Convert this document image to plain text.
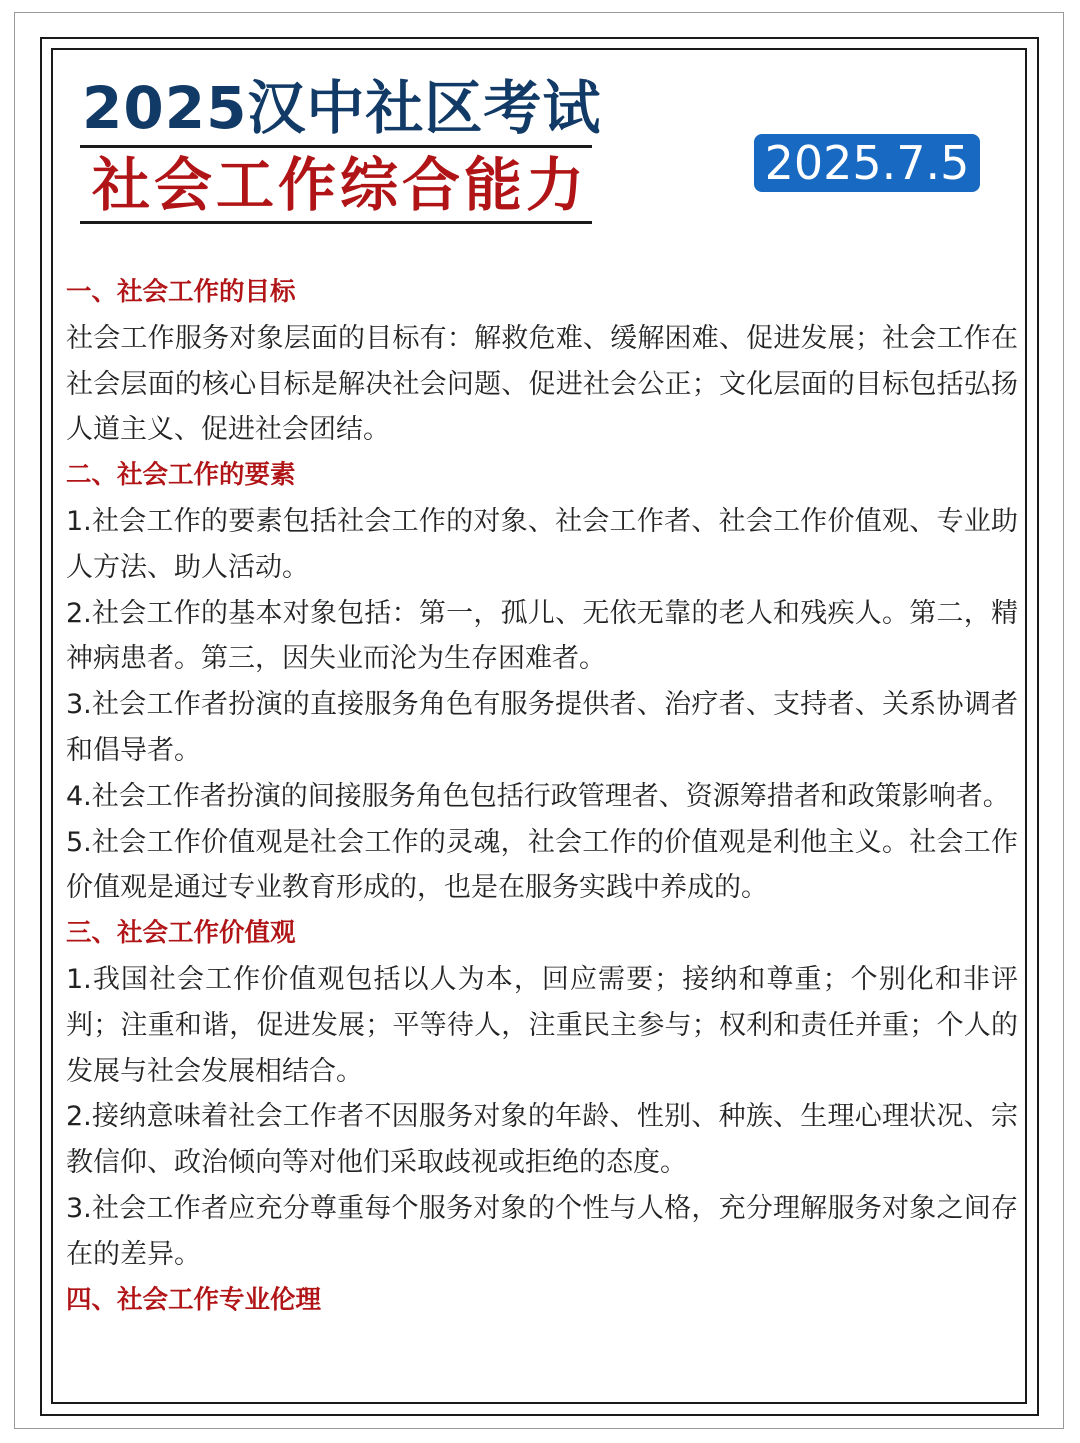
2025汉中社区考试
社会工作综合能力	2025.7.5

一、社会工作的目标

社会工作服务对象层面的目标有：解救危难、缓解困难、促进发展；社会工作在社会层面的核心目标是解决社会问题、促进社会公正；文化层面的目标包括弘扬人道主义、促进社会团结。

二、社会工作的要素

1.社会工作的要素包括社会工作的对象、社会工作者、社会工作价值观、专业助人方法、助人活动。

2.社会工作的基本对象包括：第一，孤儿、无依无靠的老人和残疾人。第二，精神病患者。第三，因失业而沦为生存困难者。

3.社会工作者扮演的直接服务角色有服务提供者、治疗者、支持者、关系协调者和倡导者。

4.社会工作者扮演的间接服务角色包括行政管理者、资源筹措者和政策影响者。

5.社会工作价值观是社会工作的灵魂，社会工作的价值观是利他主义。社会工作价值观是通过专业教育形成的，也是在服务实践中养成的。

三、社会工作价值观

1.我国社会工作价值观包括以人为本，回应需要；接纳和尊重；个别化和非评判；注重和谐，促进发展；平等待人，注重民主参与；权利和责任并重；个人的发展与社会发展相结合。

2.接纳意味着社会工作者不因服务对象的年龄、性别、种族、生理心理状况、宗教信仰、政治倾向等对他们采取歧视或拒绝的态度。

3.社会工作者应充分尊重每个服务对象的个性与人格，充分理解服务对象之间存在的差异。

四、社会工作专业伦理
